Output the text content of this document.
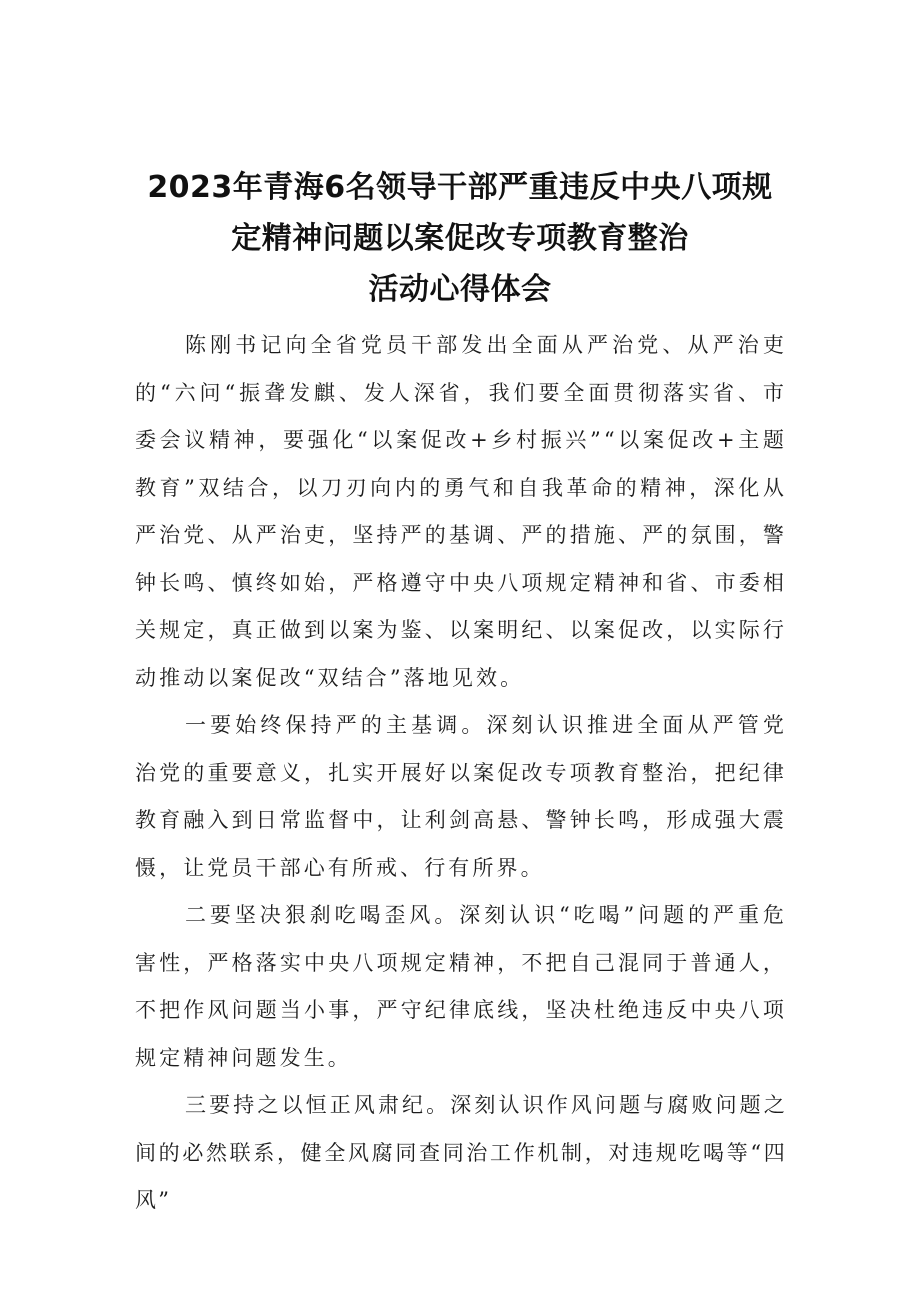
2023年青海6名领导干部严重违反中央八项规
定精神问题以案促改专项教育整治
活动心得体会

陈刚书记向全省党员干部发出全面从严治党、从严治吏的“六问“振聋发麒、发人深省，我们要全面贯彻落实省、市委会议精神，要强化“以案促改+乡村振兴”“以案促改+主题教育”双结合，以刀刃向内的勇气和自我革命的精神，深化从严治党、从严治吏，坚持严的基调、严的措施、严的氛围，警钟长鸣、慎终如始，严格遵守中央八项规定精神和省、市委相关规定，真正做到以案为鉴、以案明纪、以案促改，以实际行动推动以案促改“双结合”落地见效。

一要始终保持严的主基调。深刻认识推进全面从严管党治党的重要意义，扎实开展好以案促改专项教育整治，把纪律教育融入到日常监督中，让利剑高悬、警钟长鸣，形成强大震慑，让党员干部心有所戒、行有所界。

二要坚决狠刹吃喝歪风。深刻认识“吃喝”问题的严重危害性，严格落实中央八项规定精神，不把自己混同于普通人，不把作风问题当小事，严守纪律底线，坚决杜绝违反中央八项规定精神问题发生。

三要持之以恒正风肃纪。深刻认识作风问题与腐败问题之间的必然联系，健全风腐同查同治工作机制，对违规吃喝等“四风”
